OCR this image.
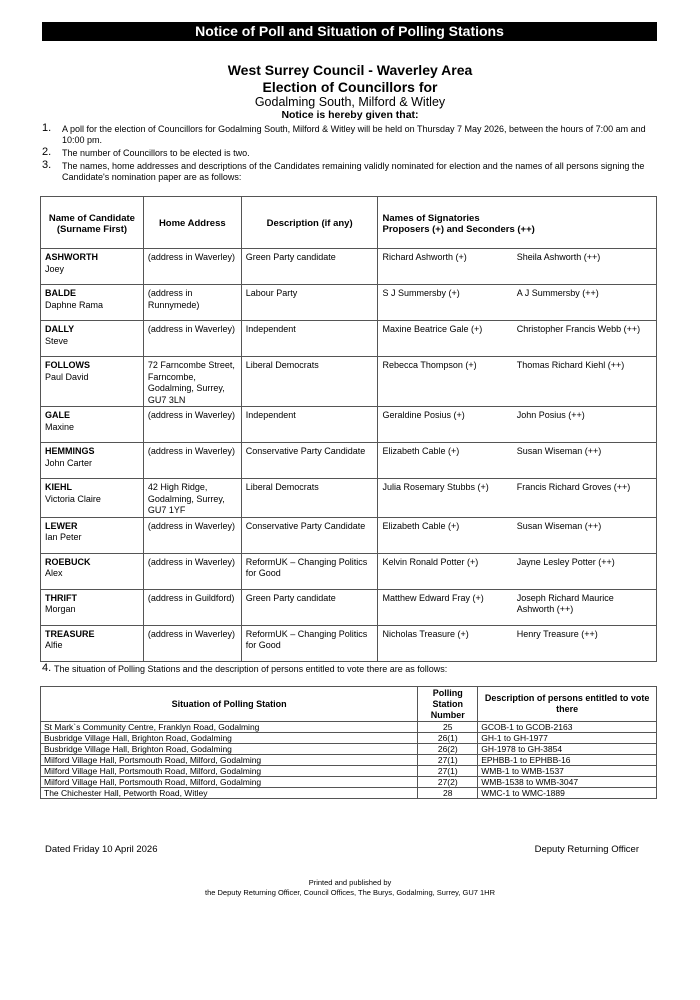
Notice of Poll and Situation of Polling Stations
West Surrey Council - Waverley Area
Election of Councillors for
Godalming South, Milford & Witley
Notice is hereby given that:
1. A poll for the election of Councillors for Godalming South, Milford & Witley will be held on Thursday 7 May 2026, between the hours of 7:00 am and 10:00 pm.
2. The number of Councillors to be elected is two.
3. The names, home addresses and descriptions of the Candidates remaining validly nominated for election and the names of all persons signing the Candidate's nomination paper are as follows:
Name of Candidate (Surname First)	Home Address	Description (if any)	Names of Signatories
Proposers (+) and Seconders (++)	

ASHWORTH
Joey	(address in Waverley)	Green Party candidate	Richard Ashworth (+)	Sheila Ashworth (++)

BALDE
Daphne Rama	(address in Runnymede)	Labour Party	S J Summersby (+)	A J Summersby (++)

DALLY
Steve	(address in Waverley)	Independent	Maxine Beatrice Gale (+)	Christopher Francis Webb (++)

FOLLOWS
Paul David	72 Farncombe Street, Farncombe, Godalming, Surrey, GU7 3LN	Liberal Democrats	Rebecca Thompson (+)	Thomas Richard Kiehl (++)

GALE
Maxine	(address in Waverley)	Independent	Geraldine Posius (+)	John Posius (++)

HEMMINGS
John Carter	(address in Waverley)	Conservative Party Candidate	Elizabeth Cable (+)	Susan Wiseman (++)

KIEHL
Victoria Claire	42 High Ridge, Godalming, Surrey, GU7 1YF	Liberal Democrats	Julia Rosemary Stubbs (+)	Francis Richard Groves (++)

LEWER
Ian Peter	(address in Waverley)	Conservative Party Candidate	Elizabeth Cable (+)	Susan Wiseman (++)

ROEBUCK
Alex	(address in Waverley)	ReformUK – Changing Politics for Good	Kelvin Ronald Potter (+)	Jayne Lesley Potter (++)

THRIFT
Morgan	(address in Guildford)	Green Party candidate	Matthew Edward Fray (+)	Joseph Richard Maurice Ashworth (++)

TREASURE
Alfie	(address in Waverley)	ReformUK – Changing Politics for Good	Nicholas Treasure (+)	Henry Treasure (++)
4. The situation of Polling Stations and the description of persons entitled to vote there are as follows:
Situation of Polling Station	Polling Station Number	Description of persons entitled to vote there
St Mark`s Community Centre, Franklyn Road, Godalming	25	GCOB-1 to GCOB-2163
Busbridge Village Hall, Brighton Road, Godalming	26(1)	GH-1 to GH-1977
Busbridge Village Hall, Brighton Road, Godalming	26(2)	GH-1978 to GH-3854
Milford Village Hall, Portsmouth Road, Milford, Godalming	27(1)	EPHBB-1 to EPHBB-16
Milford Village Hall, Portsmouth Road, Milford, Godalming	27(1)	WMB-1 to WMB-1537
Milford Village Hall, Portsmouth Road, Milford, Godalming	27(2)	WMB-1538 to WMB-3047
The Chichester Hall, Petworth Road, Witley	28	WMC-1 to WMC-1889
Dated Friday 10 April 2026	Deputy Returning Officer
Printed and published by
the Deputy Returning Officer, Council Offices, The Burys, Godalming, Surrey, GU7 1HR
